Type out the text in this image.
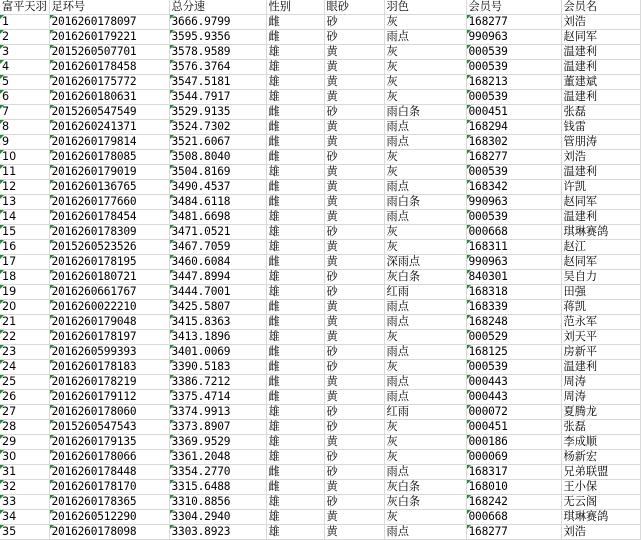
富平天羽	足环号	总分速	性别	眼砂	羽色	会员号	会员名
1	2016260178097	3666.9799	雌	砂	灰	168277	刘浩
2	2016260179221	3595.9356	雌	砂	雨点	990963	赵同军
3	2015260507701	3578.9589	雄	黄	灰	000539	温建利
4	2016260178458	3576.3764	雄	黄	灰	000539	温建利
5	2016260175772	3547.5181	雄	黄	灰	168213	董建斌
6	2016260180631	3544.7917	雄	黄	灰	000539	温建利
7	2015260547549	3529.9135	雌	砂	雨白条	000451	张磊
8	2016260241371	3524.7302	雌	黄	雨点	168294	钱雷
9	2016260179814	3521.6067	雌	黄	雨点	168302	管朋涛
10	2016260178085	3508.8040	雌	砂	灰	168277	刘浩
11	2016260179019	3504.8169	雄	黄	灰	000539	温建利
12	2016260136765	3490.4537	雌	黄	雨点	168342	许凯
13	2016260177660	3484.6118	雌	黄	雨白条	990963	赵同军
14	2016260178454	3481.6698	雄	黄	雨点	000539	温建利
15	2016260178309	3471.0521	雄	砂	灰	000668	琪琳赛鸽
16	2015260523526	3467.7059	雄	黄	灰	168311	赵江
17	2016260178195	3460.6084	雌	黄	深雨点	990963	赵同军
18	2016260180721	3447.8994	雄	砂	灰白条	840301	吴自力
19	2016260661767	3444.7001	雄	砂	红雨	168318	田强
20	2016260022210	3425.5807	雌	黄	雨点	168339	蒋凯
21	2016260179048	3415.8363	雌	黄	雨点	168248	范永军
22	2016260178197	3413.1896	雄	黄	灰	000529	刘天平
23	2016260599393	3401.0069	雌	砂	雨点	168125	房新平
24	2016260178183	3390.5183	雌	砂	灰	000539	温建利
25	2016260178219	3386.7212	雌	黄	雨点	000443	周涛
26	2016260179112	3375.4714	雌	黄	雨点	000443	周涛
27	2016260178060	3374.9913	雄	砂	红雨	000072	夏腾龙
28	2015260547543	3373.8907	雄	砂	灰	000451	张磊
29	2016260179135	3369.9529	雄	黄	灰	000186	李成顺
30	2016260178066	3361.2048	雄	砂	灰	000069	杨新宏
31	2016260178448	3354.2770	雌	砂	雨点	168317	兄弟联盟
32	2016260178170	3315.6488	雌	黄	灰白条	168010	王小保
33	2016260178365	3310.8856	雄	砂	灰白条	168242	无云阁
34	2016260512290	3304.2940	雄	黄	灰	000668	琪琳赛鸽
35	2016260178098	3303.8923	雄	黄	雨点	168277	刘浩
